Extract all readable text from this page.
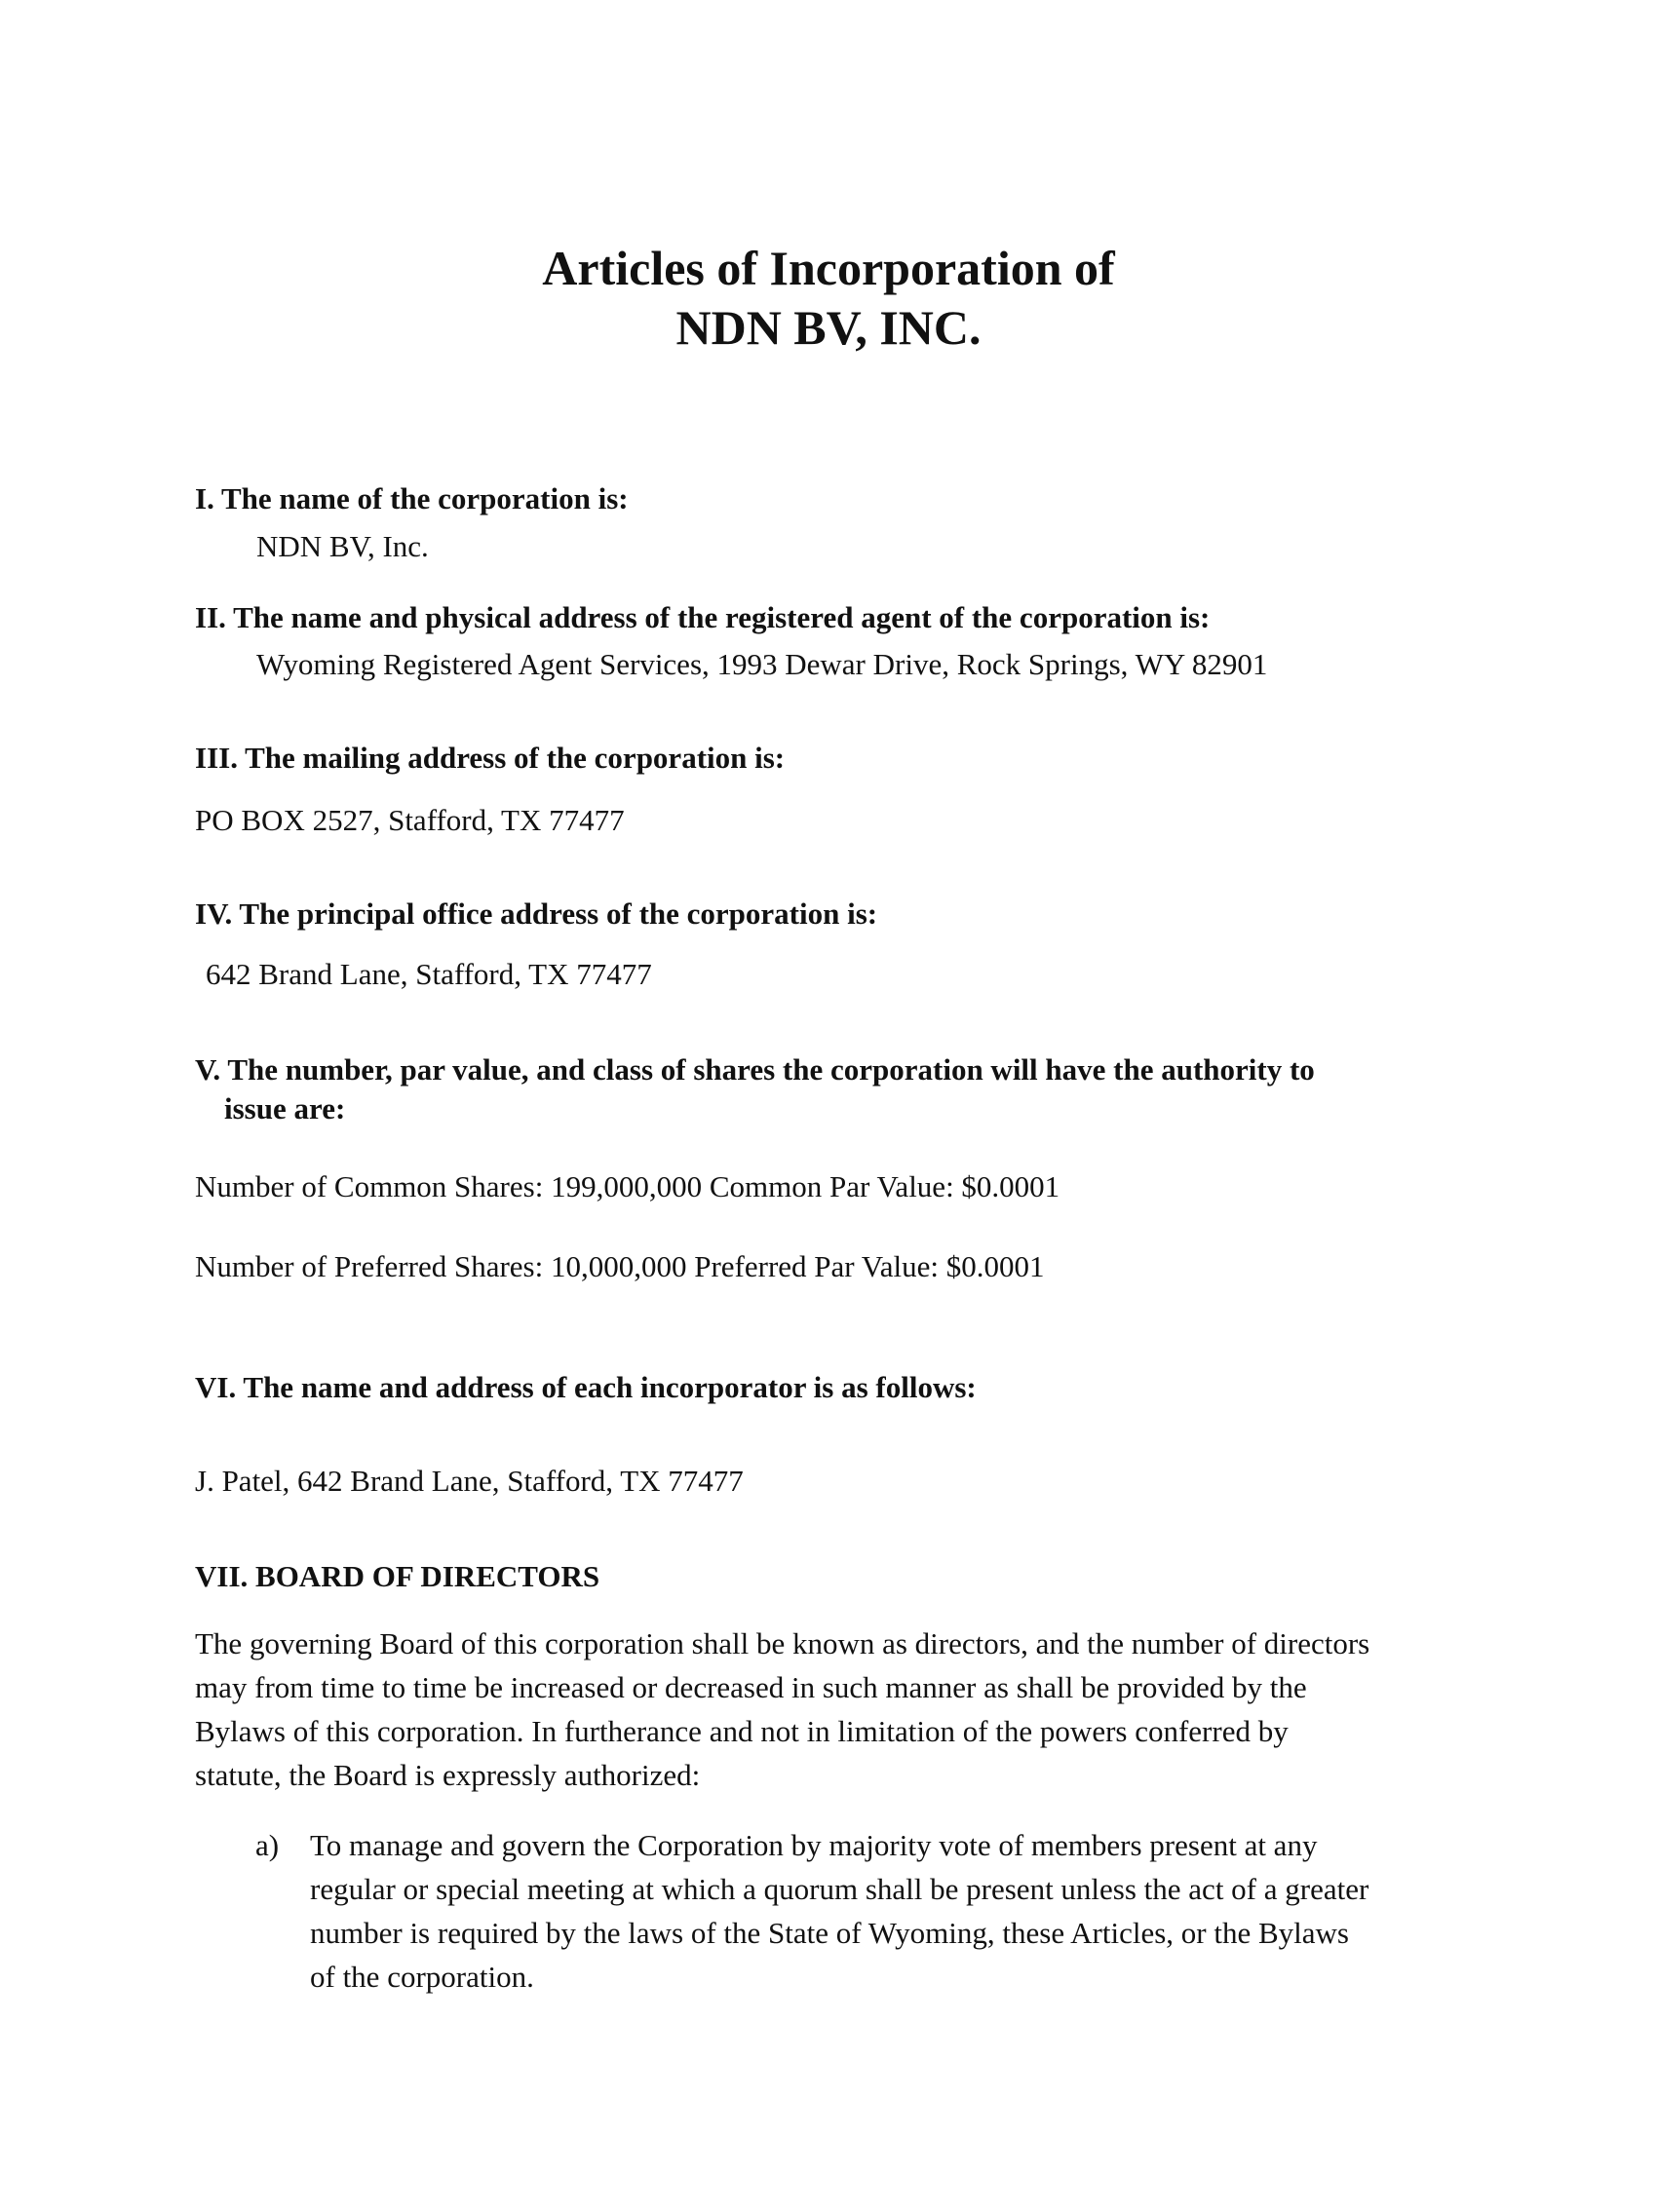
Articles of Incorporation of
NDN BV, INC.
I. The name of the corporation is:
NDN BV, Inc.
II. The name and physical address of the registered agent of the corporation is:
Wyoming Registered Agent Services, 1993 Dewar Drive, Rock Springs, WY 82901
III. The mailing address of the corporation is:
PO BOX 2527, Stafford, TX 77477
IV. The principal office address of the corporation is:
642 Brand Lane, Stafford, TX 77477
V. The number, par value, and class of shares the corporation will have the authority to
issue are:
Number of Common Shares: 199,000,000 Common Par Value: $0.0001
Number of Preferred Shares: 10,000,000 Preferred Par Value: $0.0001
VI. The name and address of each incorporator is as follows:
J. Patel, 642 Brand Lane, Stafford, TX 77477
VII. BOARD OF DIRECTORS
The governing Board of this corporation shall be known as directors, and the number of directors
may from time to time be increased or decreased in such manner as shall be provided by the
Bylaws of this corporation. In furtherance and not in limitation of the powers conferred by
statute, the Board is expressly authorized:
a) To manage and govern the Corporation by majority vote of members present at any
regular or special meeting at which a quorum shall be present unless the act of a greater
number is required by the laws of the State of Wyoming, these Articles, or the Bylaws
of the corporation.
